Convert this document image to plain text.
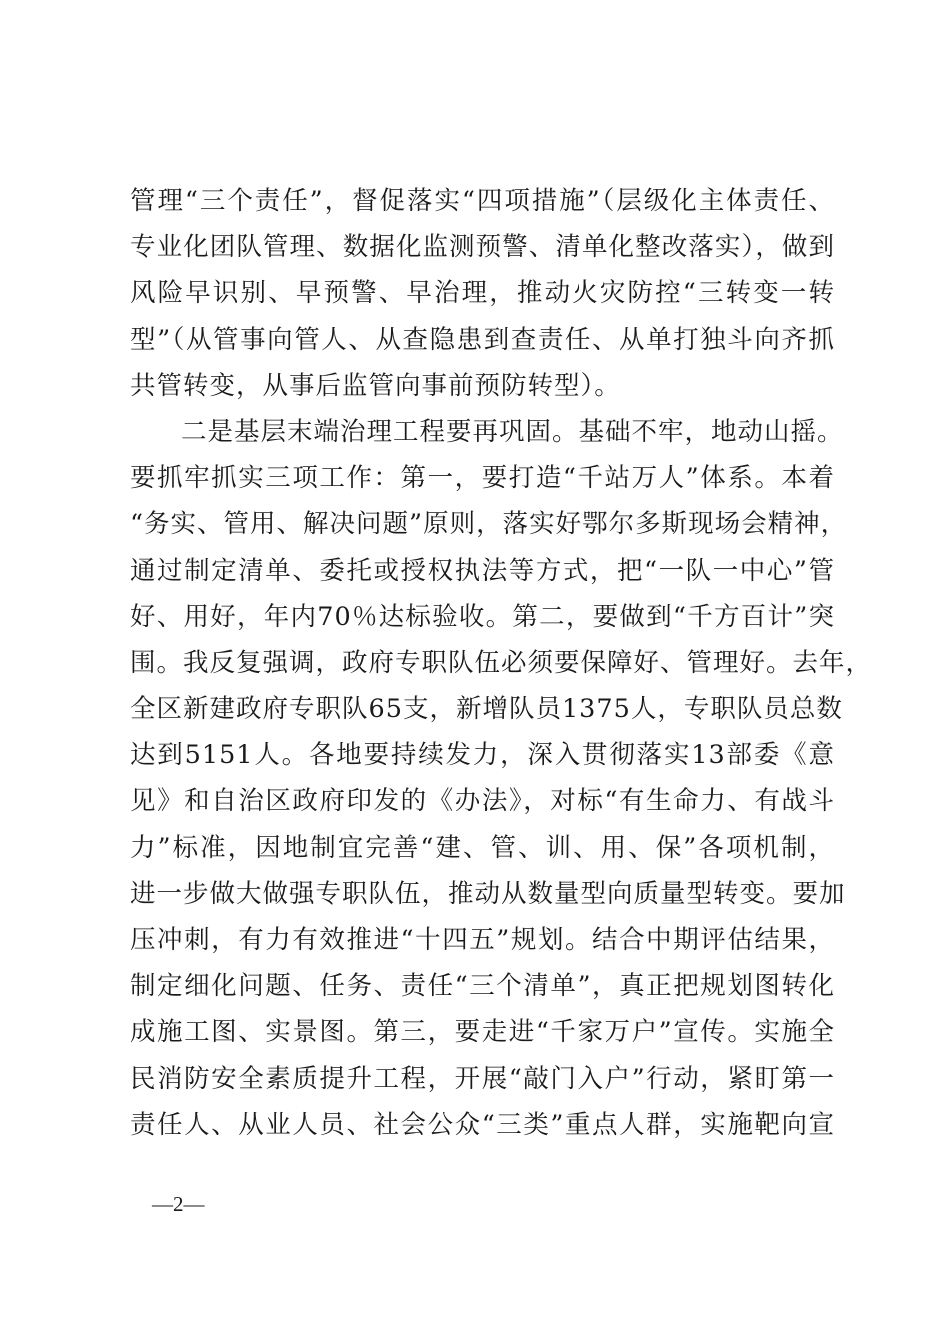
管理“三个责任”，督促落实“四项措施”（层级化主体责任、
专业化团队管理、数据化监测预警、清单化整改落实），做到
风险早识别、早预警、早治理，推动火灾防控“三转变一转
型”（从管事向管人、从查隐患到查责任、从单打独斗向齐抓
共管转变，从事后监管向事前预防转型）。
二是基层末端治理工程要再巩固。基础不牢，地动山摇。
要抓牢抓实三项工作：第一，要打造“千站万人”体系。本着
“务实、管用、解决问题”原则，落实好鄂尔多斯现场会精神，
通过制定清单、委托或授权执法等方式，把“一队一中心”管
好、用好，年内70％达标验收。第二，要做到“千方百计”突
围。我反复强调，政府专职队伍必须要保障好、管理好。去年，
全区新建政府专职队65支，新增队员1375人，专职队员总数
达到5151人。各地要持续发力，深入贯彻落实13部委《意
见》和自治区政府印发的《办法》，对标“有生命力、有战斗
力”标准，因地制宜完善“建、管、训、用、保”各项机制，
进一步做大做强专职队伍，推动从数量型向质量型转变。要加
压冲刺，有力有效推进“十四五”规划。结合中期评估结果，
制定细化问题、任务、责任“三个清单”，真正把规划图转化
成施工图、实景图。第三，要走进“千家万户”宣传。实施全
民消防安全素质提升工程，开展“敲门入户”行动，紧盯第一
责任人、从业人员、社会公众“三类”重点人群，实施靶向宣
—2—
